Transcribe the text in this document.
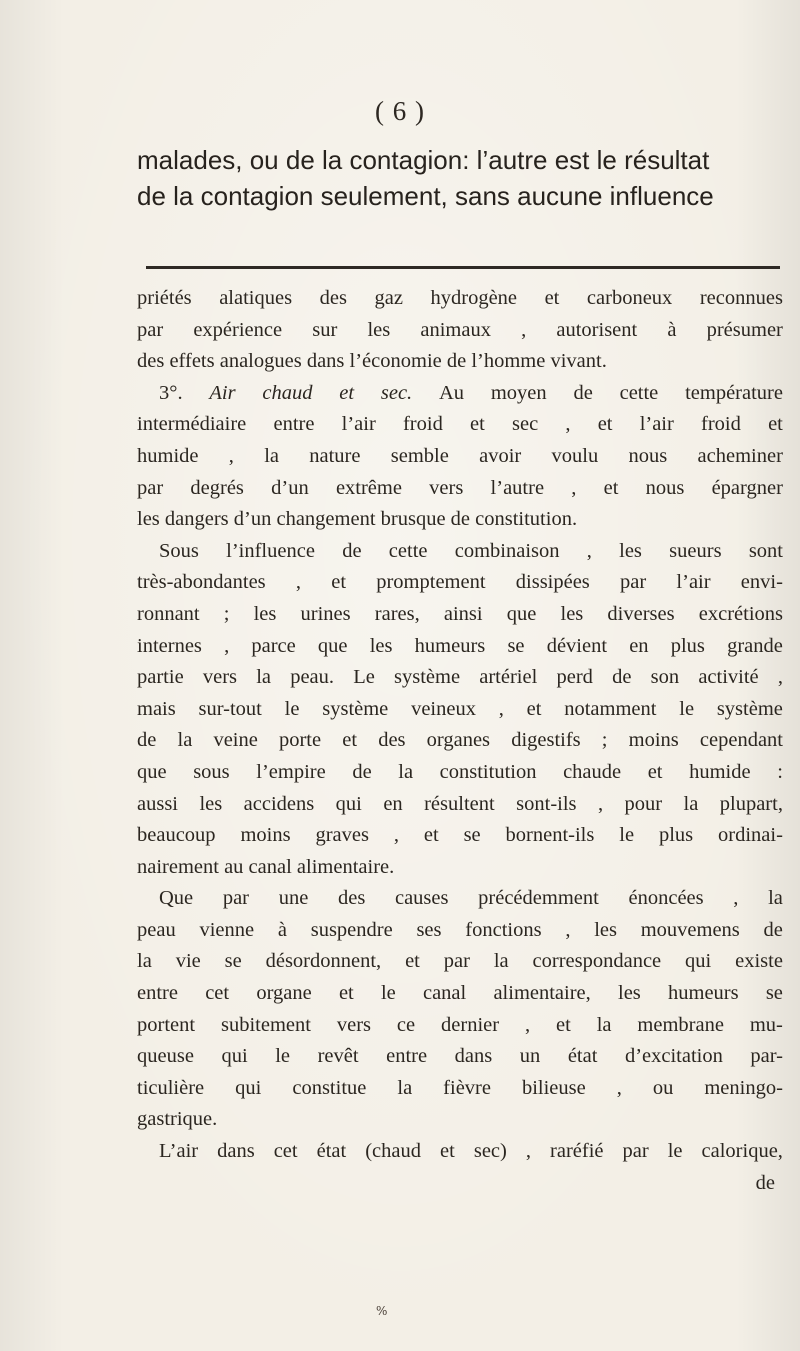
( 6 )
malades, ou de la contagion: l’autre est le résultat
de la contagion seulement, sans aucune influence
priétés alatiques des gaz hydrogène et carboneux reconnues
par expérience sur les animaux , autorisent à présumer
des effets analogues dans l’économie de l’homme vivant.
3°. Air chaud et sec. Au moyen de cette température
intermédiaire entre l’air froid et sec , et l’air froid et
humide , la nature semble avoir voulu nous acheminer
par degrés d’un extrême vers l’autre , et nous épargner
les dangers d’un changement brusque de constitution.
Sous l’influence de cette combinaison , les sueurs sont
très-abondantes , et promptement dissipées par l’air envi-
ronnant ; les urines rares, ainsi que les diverses excrétions
internes , parce que les humeurs se dévient en plus grande
partie vers la peau. Le système artériel perd de son activité ,
mais sur-tout le système veineux , et notamment le système
de la veine porte et des organes digestifs ; moins cependant
que sous l’empire de la constitution chaude et humide :
aussi les accidens qui en résultent sont-ils , pour la plupart,
beaucoup moins graves , et se bornent-ils le plus ordinai-
nairement au canal alimentaire.
Que par une des causes précédemment énoncées , la
peau vienne à suspendre ses fonctions , les mouvemens de
la vie se désordonnent, et par la correspondance qui existe
entre cet organe et le canal alimentaire, les humeurs se
portent subitement vers ce dernier , et la membrane mu-
queuse qui le revêt entre dans un état d’excitation par-
ticulière qui constitue la fièvre bilieuse , ou meningo-
gastrique.
L’air dans cet état (chaud et sec) , raréfié par le calorique,
de
%
